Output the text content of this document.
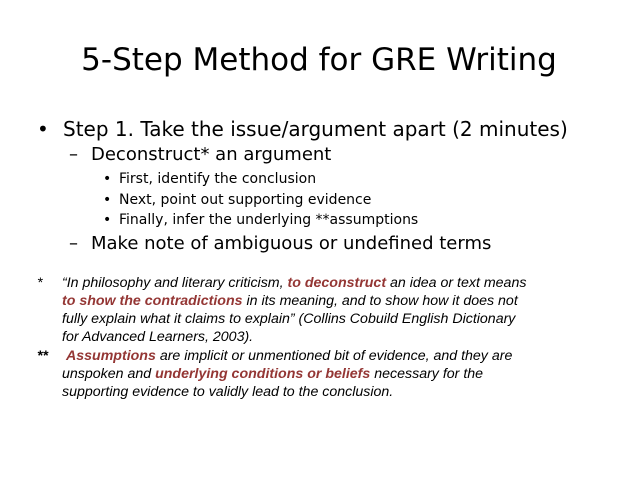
5-Step Method for GRE Writing
• Step 1. Take the issue/argument apart (2 minutes)
– Deconstruct* an argument
• First, identify the conclusion
• Next, point out supporting evidence
• Finally, infer the underlying **assumptions
– Make note of ambiguous or undefined terms
* “In philosophy and literary criticism, to deconstruct an idea or text means
to show the contradictions in its meaning, and to show how it does not
fully explain what it claims to explain” (Collins Cobuild English Dictionary
for Advanced Learners, 2003).
** Assumptions are implicit or unmentioned bit of evidence, and they are
unspoken and underlying conditions or beliefs necessary for the
supporting evidence to validly lead to the conclusion.
